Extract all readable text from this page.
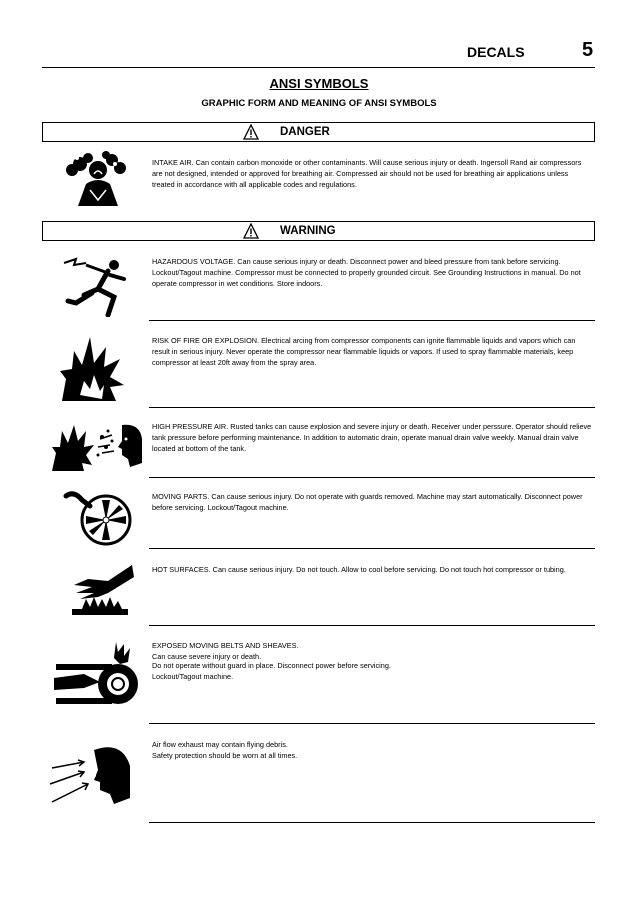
DECALS	5
ANSI SYMBOLS
GRAPHIC FORM AND MEANING OF ANSI SYMBOLS
DANGER
INTAKE AIR. Can contain carbon monoxide or other contaminants. Will cause serious injury or death. Ingersoll Rand air compressors are not designed, intended or approved for breathing air. Compressed air should not be used for breathing air applications unless treated in accordance with all applicable codes and regulations.
WARNING
HAZARDOUS VOLTAGE. Can cause serious injury or death. Disconnect power and bleed pressure from tank before servicing. Lockout/Tagout machine. Compressor must be connected to properly grounded circuit. See Grounding Instructions in manual. Do not operate compressor in wet conditions. Store indoors.
RISK OF FIRE OR EXPLOSION. Electrical arcing from compressor components can ignite flammable liquids and vapors which can result in serious injury. Never operate the compressor near flammable liquids or vapors. If used to spray flammable materials, keep compressor at least 20ft away from the spray area.
HIGH PRESSURE AIR. Rusted tanks can cause explosion and severe injury or death. Receiver under perssure. Operator should relieve tank pressure before performing maintenance. In addition to automatic drain, operate manual drain valve weekly. Manual drain valve located at bottom of the tank.
MOVING PARTS. Can cause serious injury. Do not operate with guards removed. Machine may start automatically. Disconnect power before servicing. Lockout/Tagout machine.
HOT SURFACES. Can cause serious injury. Do not touch. Allow to cool before servicing. Do not touch hot compressor or tubing.
EXPOSED MOVING BELTS AND SHEAVES.
Can cause severe injury or death.
Do not operate without guard in place. Disconnect power before servicing.
Lockout/Tagout machine.
Air flow exhaust may contain flying debris.
Safety protection should be worn at all times.
